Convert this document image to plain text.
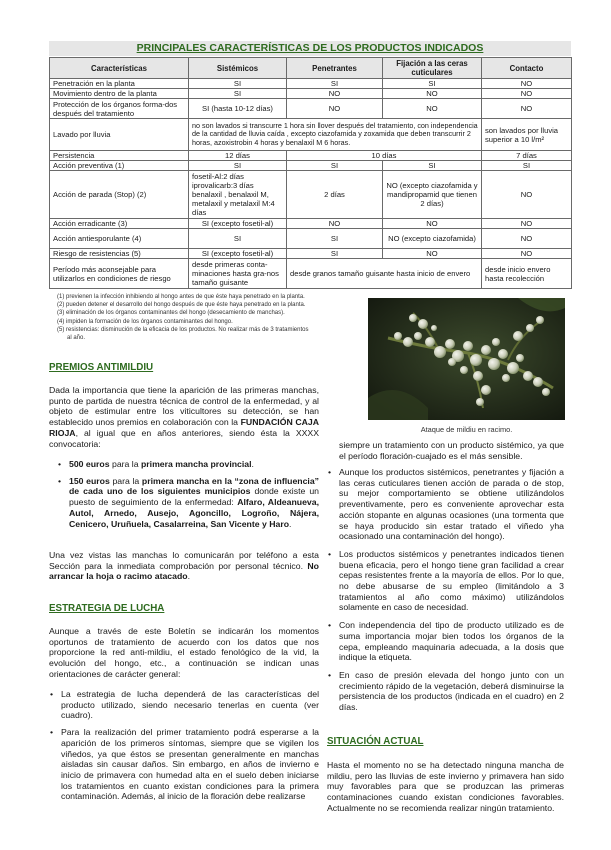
PRINCIPALES CARACTERÍSTICAS DE LOS PRODUCTOS INDICADOS
Características	Sistémicos	Penetrantes	Fijación a las ceras cuticulares	Contacto
Penetración en la planta	SI	SI	SI	NO
Movimiento dentro de la planta	SI	NO	NO	NO
Protección de los órganos forma-dos después del tratamiento	SI (hasta 10-12 días)	NO	NO	NO
Lavado por lluvia	no son lavados si transcurre 1 hora sin llover después del tratamiento, con independencia de la cantidad de lluvia caída , excepto ciazofamida y zoxamida que deben transcurrir 2 horas, azoxistrobin 4 horas y benalaxil M 6 horas.			son lavados por lluvia superior a 10 l/m²
Persistencia	12 días	10 días		7 días
Acción preventiva (1)	SI	SI	SI	SI
Acción de parada (Stop) (2)	fosetil-Al:2 días iprovalicarb:3 días benalaxil , benalaxil M, metalaxil y metalaxil M:4 días	2 días	NO (excepto ciazofamida y mandipropamid que tienen 2 días)	NO
Acción erradicante (3)	SI (excepto fosetil-al)	NO	NO	NO
Acción antiesporulante (4)	SI	SI	NO (excepto ciazofamida)	NO
Riesgo de resistencias (5)	SI (excepto fosetil-al)	SI	NO	NO
Período más aconsejable para utilizarlos en condiciones de riesgo	desde primeras conta-minaciones hasta gra-nos tamaño guisante	desde granos tamaño guisante hasta inicio de envero		desde inicio envero hasta recolección
(1) previenen la infección inhibiendo al hongo antes de que éste haya penetrado en la planta.
(2) pueden detener el desarrollo del hongo después de que éste haya penetrado en la planta.
(3) eliminación de los órganos contaminantes del hongo (desecamiento de manchas).
(4) impiden la formación de los órganos contaminantes del hongo.
(5) resistencias: disminución de la eficacia de los productos. No realizar más de 3 tratamientos
al año.
Ataque de mildiu en racimo.
PREMIOS ANTIMILDIU

Dada la importancia que tiene la aparición de las primeras manchas, punto de partida de nuestra técnica de control de la enfermedad, y al objeto de estimular entre los viticultores su detección, se han establecido unos premios en colaboración con la FUNDACIÓN CAJA RIOJA, al igual que en años anteriores, siendo ésta la XXXX convocatoria:

• 500 euros para la primera mancha provincial.
• 150 euros para la primera mancha en la “zona de influencia” de cada uno de los siguientes municipios donde existe un puesto de seguimiento de la enfermedad: Alfaro, Aldeanueva, Autol, Arnedo, Ausejo, Agoncillo, Logroño, Nájera, Cenicero, Uruñuela, Casalarreina, San Vicente y Haro.

Una vez vistas las manchas lo comunicarán por teléfono a esta Sección para la inmediata comprobación por personal técnico. No arrancar la hoja o racimo atacado.

ESTRATEGIA DE LUCHA
Aunque a través de este Boletín se indicarán los momentos oportunos de tratamiento de acuerdo con los datos que nos proporcione la red anti-mildiu, el estado fenológico de la vid, la evolución del hongo, etc., a continuación se indican unas orientaciones de carácter general:
• La estrategia de lucha dependerá de las características del producto utilizado, siendo necesario tenerlas en cuenta (ver cuadro).
• Para la realización del primer tratamiento podrá esperarse a la aparición de los primeros síntomas, siempre que se vigilen los viñedos, ya que éstos se presentan generalmente en manchas aisladas sin causar daños. Sin embargo, en años de invierno e inicio de primavera con humedad alta en el suelo deben iniciarse los tratamientos en cuanto existan condiciones para la primera contaminación. Además, al inicio de la floración debe realizarse
siempre un tratamiento con un producto sistémico, ya que el período floración-cuajado es el más sensible.
• Aunque los productos sistémicos, penetrantes y fijación a las ceras cuticulares tienen acción de parada o de stop, su mejor comportamiento se obtiene utilizándolos preventivamente, pero es conveniente aprovechar esta acción stopante en algunas ocasiones (una tormenta que se haya producido sin estar tratado el viñedo yha ocasionado una contaminación del hongo).
• Los productos sistémicos y penetrantes indicados tienen buena eficacia, pero el hongo tiene gran facilidad a crear cepas resistentes frente a la mayoría de ellos. Por lo que, no debe abusarse de su empleo (limitándolo a 3 tratamientos al año como máximo) utilizándolos solamente en caso de necesidad.
• Con independencia del tipo de producto utilizado es de suma importancia mojar bien todos los órganos de la cepa, empleando maquinaria adecuada, a la dosis que indique la etiqueta.
• En caso de presión elevada del hongo junto con un crecimiento rápido de la vegetación, deberá disminuirse la persistencia de los productos (indicada en el cuadro) en 2 días.
SITUACIÓN ACTUAL
Hasta el momento no se ha detectado ninguna mancha de mildiu, pero las lluvias de este invierno y primavera han sido muy favorables para que se produzcan las primeras contaminaciones cuando existan condiciones favorables. Actualmente no se recomienda realizar ningún tratamiento.
